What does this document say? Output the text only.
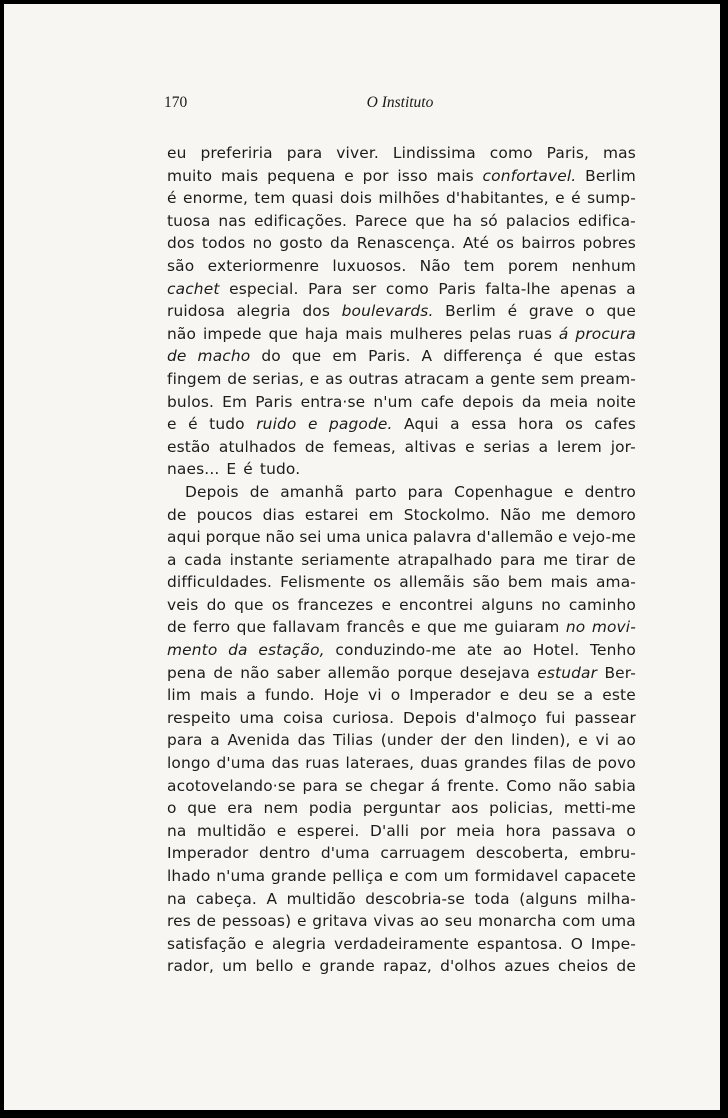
170	O Instituto
eu preferiria para viver. Lindissima como Paris, mas
muito mais pequena e por isso mais confortavel. Berlim
é enorme, tem quasi dois milhões d'habitantes, e é sump-
tuosa nas edificações. Parece que ha só palacios edifica-
dos todos no gosto da Renascença. Até os bairros pobres
são exteriormenre luxuosos. Não tem porem nenhum
cachet especial. Para ser como Paris falta-lhe apenas a
ruidosa alegria dos boulevards. Berlim é grave o que
não impede que haja mais mulheres pelas ruas á procura
de macho do que em Paris. A differença é que estas
fingem de serias, e as outras atracam a gente sem pream-
bulos. Em Paris entra·se n'um cafe depois da meia noite
e é tudo ruido e pagode. Aqui a essa hora os cafes
estão atulhados de femeas, altivas e serias a lerem jor-
naes... E é tudo.
Depois de amanhã parto para Copenhague e dentro
de poucos dias estarei em Stockolmo. Não me demoro
aqui porque não sei uma unica palavra d'allemão e vejo-me
a cada instante seriamente atrapalhado para me tirar de
difficuldades. Felismente os allemãis são bem mais ama-
veis do que os francezes e encontrei alguns no caminho
de ferro que fallavam francês e que me guiaram no movi-
mento da estação, conduzindo-me ate ao Hotel. Tenho
pena de não saber allemão porque desejava estudar Ber-
lim mais a fundo. Hoje vi o Imperador e deu se a este
respeito uma coisa curiosa. Depois d'almoço fui passear
para a Avenida das Tilias (under der den linden), e vi ao
longo d'uma das ruas lateraes, duas grandes filas de povo
acotovelando·se para se chegar á frente. Como não sabia
o que era nem podia perguntar aos policias, metti-me
na multidão e esperei. D'alli por meia hora passava o
Imperador dentro d'uma carruagem descoberta, embru-
lhado n'uma grande pelliça e com um formidavel capacete
na cabeça. A multidão descobria-se toda (alguns milha-
res de pessoas) e gritava vivas ao seu monarcha com uma
satisfação e alegria verdadeiramente espantosa. O Impe-
rador, um bello e grande rapaz, d'olhos azues cheios de
